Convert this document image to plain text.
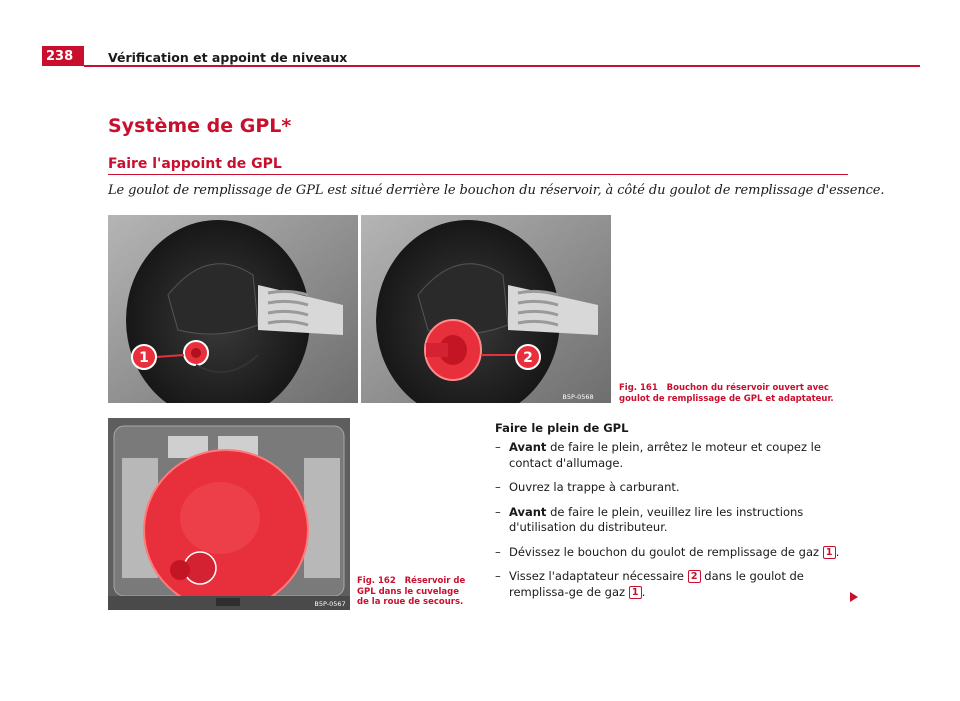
238	Vérification et appoint de niveaux
Système de GPL*
Faire l'appoint de GPL
Le goulot de remplissage de GPL est situé derrière le bouchon du réservoir, à côté du goulot de remplissage d'essence.
1	2
B5P-0568
Fig. 161 Bouchon du réservoir ouvert avec goulot de remplissage de GPL et adaptateur.
B5P-0567
Fig. 162 Réservoir de GPL dans le cuvelage de la roue de secours.
Faire le plein de GPL
– Avant de faire le plein, arrêtez le moteur et coupez le contact d'allumage.
– Ouvrez la trappe à carburant.
– Avant de faire le plein, veuillez lire les instructions d'utilisation du distributeur.
– Dévissez le bouchon du goulot de remplissage de gaz 1 .
– Vissez l'adaptateur nécessaire 2 dans le goulot de remplissa-ge de gaz 1 .
